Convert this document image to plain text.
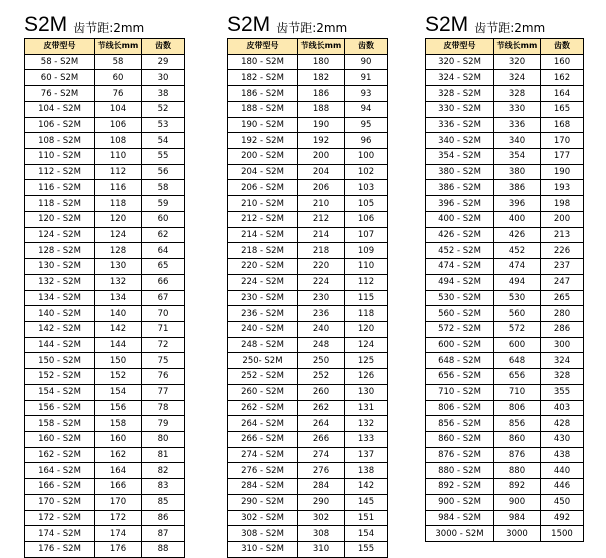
S2M 齿节距:2mm
皮带型号	节线长mm	齿数
58 - S2M	58	29
60 - S2M	60	30
76 - S2M	76	38
104 - S2M	104	52
106 - S2M	106	53
108 - S2M	108	54
110 - S2M	110	55
112 - S2M	112	56
116 - S2M	116	58
118 - S2M	118	59
120 - S2M	120	60
124 - S2M	124	62
128 - S2M	128	64
130 - S2M	130	65
132 - S2M	132	66
134 - S2M	134	67
140 - S2M	140	70
142 - S2M	142	71
144 - S2M	144	72
150 - S2M	150	75
152 - S2M	152	76
154 - S2M	154	77
156 - S2M	156	78
158 - S2M	158	79
160 - S2M	160	80
162 - S2M	162	81
164 - S2M	164	82
166 - S2M	166	83
170 - S2M	170	85
172 - S2M	172	86
174 - S2M	174	87
176 - S2M	176	88
S2M 齿节距:2mm
皮带型号	节线长mm	齿数
180 - S2M	180	90
182 - S2M	182	91
186 - S2M	186	93
188 - S2M	188	94
190 - S2M	190	95
192 - S2M	192	96
200 - S2M	200	100
204 - S2M	204	102
206 - S2M	206	103
210 - S2M	210	105
212 - S2M	212	106
214 - S2M	214	107
218 - S2M	218	109
220 - S2M	220	110
224 - S2M	224	112
230 - S2M	230	115
236 - S2M	236	118
240 - S2M	240	120
248 - S2M	248	124
250- S2M	250	125
252 - S2M	252	126
260 - S2M	260	130
262 - S2M	262	131
264 - S2M	264	132
266 - S2M	266	133
274 - S2M	274	137
276 - S2M	276	138
284 - S2M	284	142
290 - S2M	290	145
302 - S2M	302	151
308 - S2M	308	154
310 - S2M	310	155
S2M 齿节距:2mm
皮带型号	节线长mm	齿数
320 - S2M	320	160
324 - S2M	324	162
328 - S2M	328	164
330 - S2M	330	165
336 - S2M	336	168
340 - S2M	340	170
354 - S2M	354	177
380 - S2M	380	190
386 - S2M	386	193
396 - S2M	396	198
400 - S2M	400	200
426 - S2M	426	213
452 - S2M	452	226
474 - S2M	474	237
494 - S2M	494	247
530 - S2M	530	265
560 - S2M	560	280
572 - S2M	572	286
600 - S2M	600	300
648 - S2M	648	324
656 - S2M	656	328
710 - S2M	710	355
806 - S2M	806	403
856 - S2M	856	428
860 - S2M	860	430
876 - S2M	876	438
880 - S2M	880	440
892 - S2M	892	446
900 - S2M	900	450
984 - S2M	984	492
3000 - S2M	3000	1500
